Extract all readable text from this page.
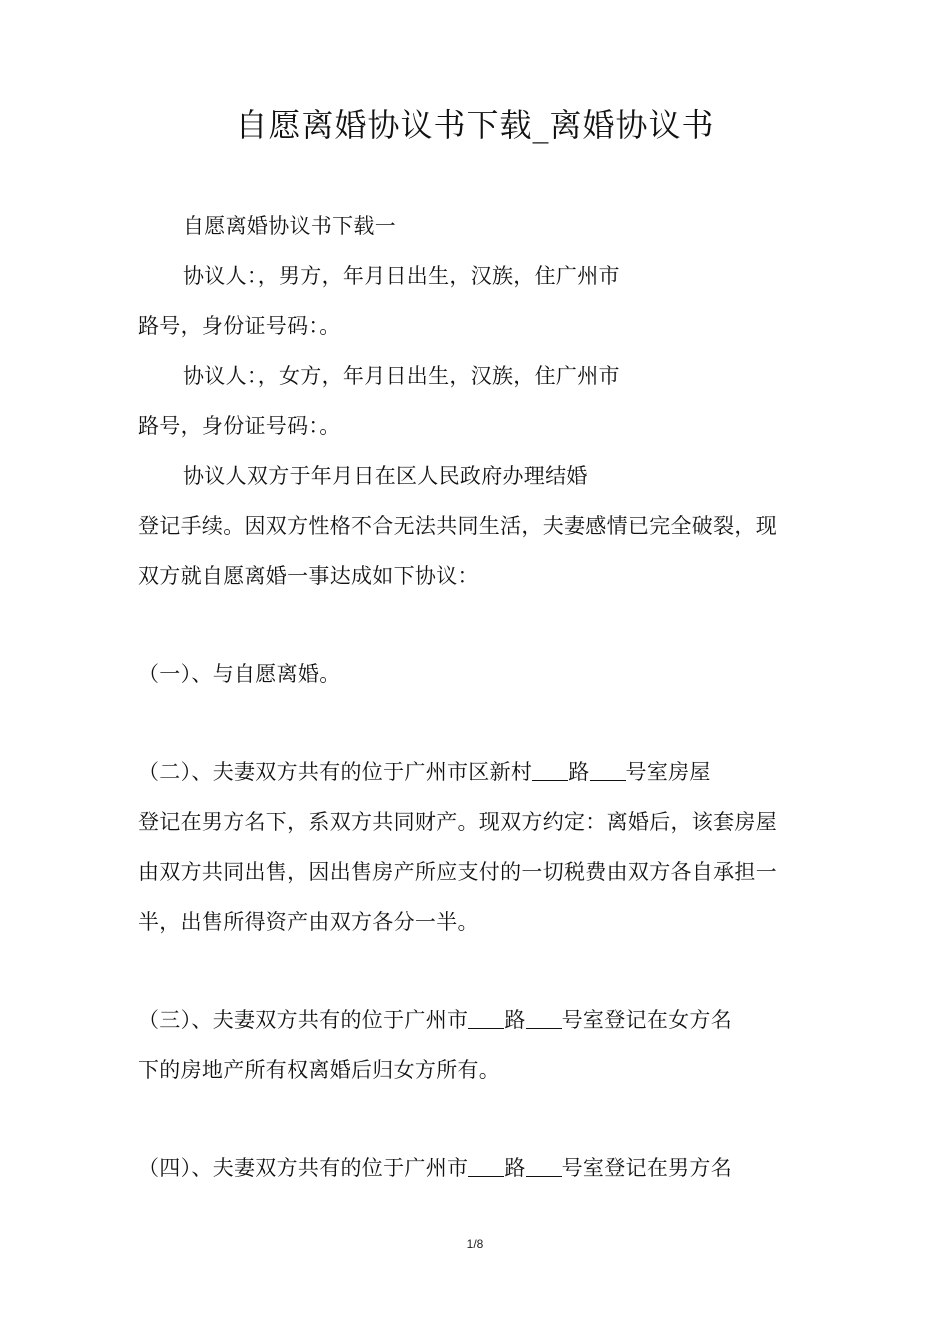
自愿离婚协议书下载_离婚协议书
自愿离婚协议书下载一
协议人：，男方，年月日出生，汉族，住广州市
路号，身份证号码：。
协议人：，女方，年月日出生，汉族，住广州市
路号，身份证号码：。
协议人双方于年月日在区人民政府办理结婚
登记手续。因双方性格不合无法共同生活，夫妻感情已完全破裂，现
双方就自愿离婚一事达成如下协议：
（一）、与自愿离婚。
（二）、夫妻双方共有的位于广州市区新村 路 号室房屋
登记在男方名下，系双方共同财产。现双方约定：离婚后，该套房屋
由双方共同出售，因出售房产所应支付的一切税费由双方各自承担一
半，出售所得资产由双方各分一半。
（三）、夫妻双方共有的位于广州市 路 号室登记在女方名
下的房地产所有权离婚后归女方所有。
（四）、夫妻双方共有的位于广州市 路 号室登记在男方名
1/8
